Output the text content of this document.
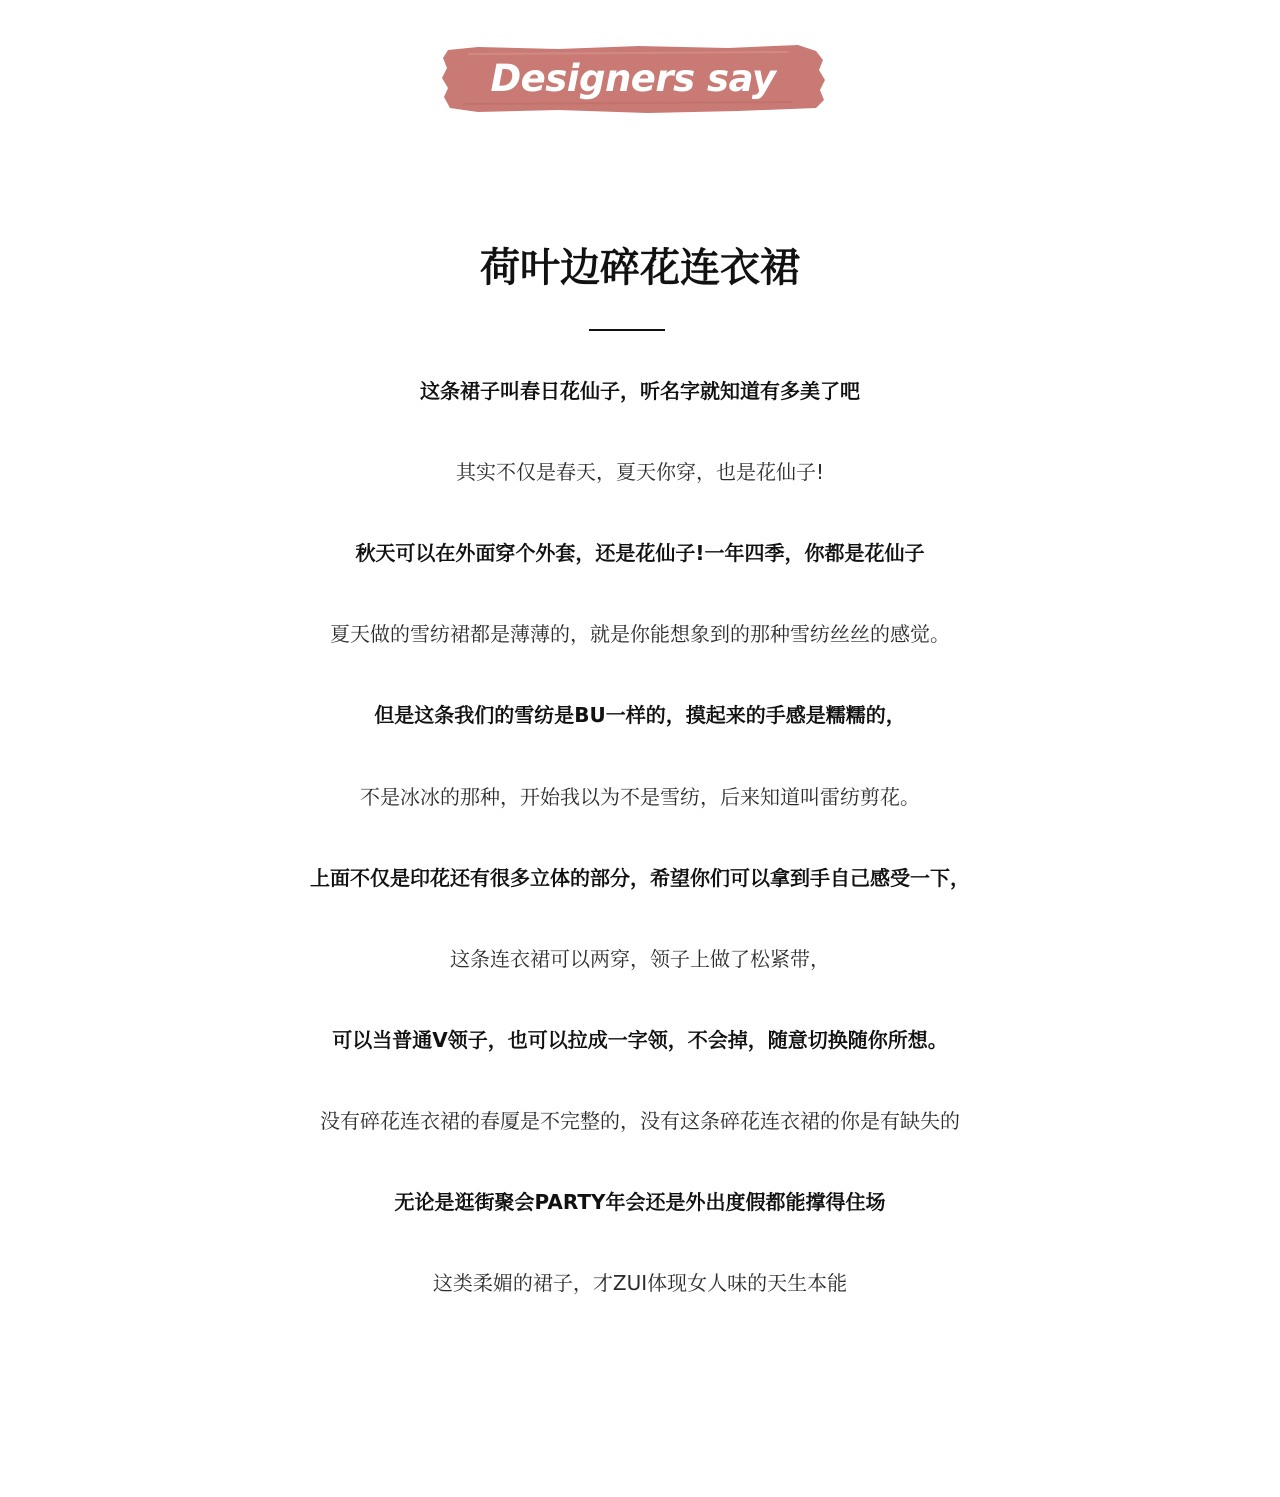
Designers say
荷叶边碎花连衣裙
这条裙子叫春日花仙子，听名字就知道有多美了吧
其实不仅是春天，夏天你穿，也是花仙子!
秋天可以在外面穿个外套，还是花仙子!一年四季，你都是花仙子
夏天做的雪纺裙都是薄薄的，就是你能想象到的那种雪纺丝丝的感觉。
但是这条我们的雪纺是BU一样的，摸起来的手感是糯糯的，
不是冰冰的那种，开始我以为不是雪纺，后来知道叫雷纺剪花。
上面不仅是印花还有很多立体的部分，希望你们可以拿到手自己感受一下，
这条连衣裙可以两穿，领子上做了松紧带，
可以当普通V领子，也可以拉成一字领，不会掉，随意切换随你所想。
没有碎花连衣裙的春厦是不完整的，没有这条碎花连衣裙的你是有缺失的
无论是逛街聚会PARTY年会还是外出度假都能撑得住场
这类柔媚的裙子，才ZUI体现女人味的天生本能
